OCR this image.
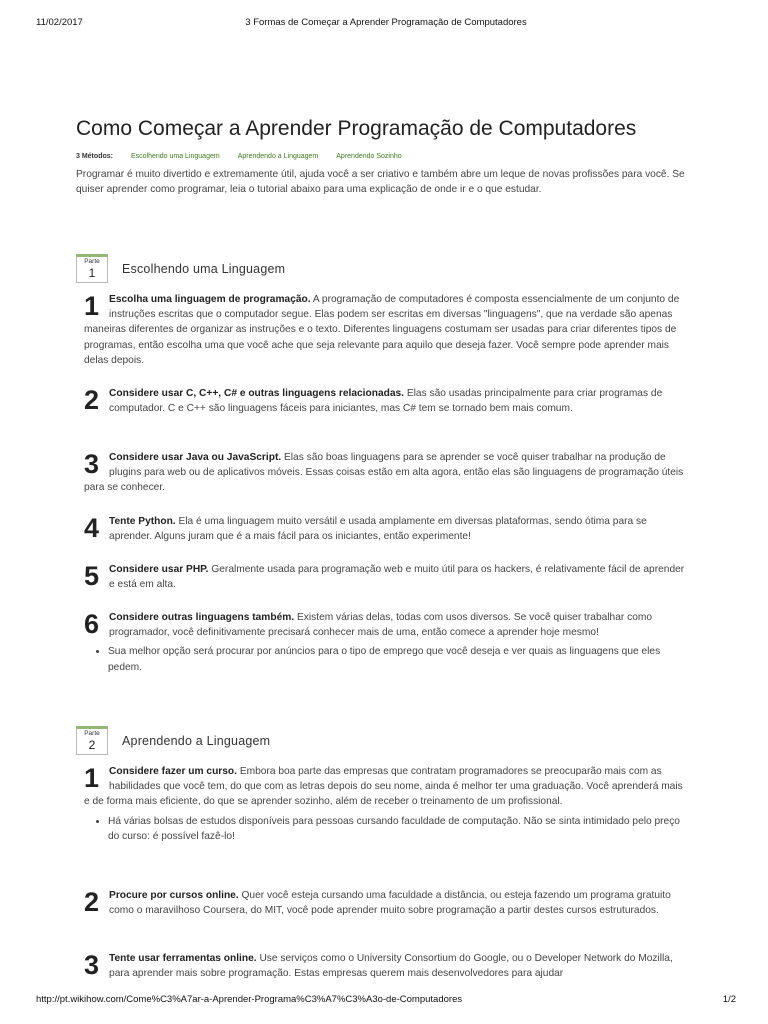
11/02/2017	3 Formas de Começar a Aprender Programação de Computadores
Como Começar a Aprender Programação de Computadores
3 Métodos:	Escolhendo uma Linguagem	Aprendendo a Linguagem	Aprendendo Sozinho

Programar é muito divertido e extremamente útil, ajuda você a ser criativo e também abre um leque de novas profissões para você. Se quiser aprender como programar, leia o tutorial abaixo para uma explicação de onde ir e o que estudar.

Parte
1	Escolhendo uma Linguagem
1 Escolha uma linguagem de programação. A programação de computadores é composta essencialmente de um conjunto de instruções escritas que o computador segue. Elas podem ser escritas em diversas "linguagens", que na verdade são apenas maneiras diferentes de organizar as instruções e o texto. Diferentes linguagens costumam ser usadas para criar diferentes tipos de programas, então escolha uma que você ache que seja relevante para aquilo que deseja fazer. Você sempre pode aprender mais delas depois.
2 Considere usar C, C++, C# e outras linguagens relacionadas. Elas são usadas principalmente para criar programas de computador. C e C++ são linguagens fáceis para iniciantes, mas C# tem se tornado bem mais comum.
3 Considere usar Java ou JavaScript. Elas são boas linguagens para se aprender se você quiser trabalhar na produção de plugins para web ou de aplicativos móveis. Essas coisas estão em alta agora, então elas são linguagens de programação úteis para se conhecer.
4 Tente Python. Ela é uma linguagem muito versátil e usada amplamente em diversas plataformas, sendo ótima para se aprender. Alguns juram que é a mais fácil para os iniciantes, então experimente!
5 Considere usar PHP. Geralmente usada para programação web e muito útil para os hackers, é relativamente fácil de aprender e está em alta.
6 Considere outras linguagens também. Existem várias delas, todas com usos diversos. Se você quiser trabalhar como programador, você definitivamente precisará conhecer mais de uma, então comece a aprender hoje mesmo!
• Sua melhor opção será procurar por anúncios para o tipo de emprego que você deseja e ver quais as linguagens que eles pedem.
Parte
2	Aprendendo a Linguagem
1 Considere fazer um curso. Embora boa parte das empresas que contratam programadores se preocuparão mais com as habilidades que você tem, do que com as letras depois do seu nome, ainda é melhor ter uma graduação. Você aprenderá mais e de forma mais eficiente, do que se aprender sozinho, além de receber o treinamento de um profissional.
• Há várias bolsas de estudos disponíveis para pessoas cursando faculdade de computação. Não se sinta intimidado pelo preço do curso: é possível fazê-lo!
2 Procure por cursos online. Quer você esteja cursando uma faculdade a distância, ou esteja fazendo um programa gratuito como o maravilhoso Coursera, do MIT, você pode aprender muito sobre programação a partir destes cursos estruturados.
3 Tente usar ferramentas online. Use serviços como o University Consortium do Google, ou o Developer Network do Mozilla, para aprender mais sobre programação. Estas empresas querem mais desenvolvedores para ajudar
http://pt.wikihow.com/Come%C3%A7ar-a-Aprender-Programa%C3%A7%C3%A3o-de-Computadores	1/2
